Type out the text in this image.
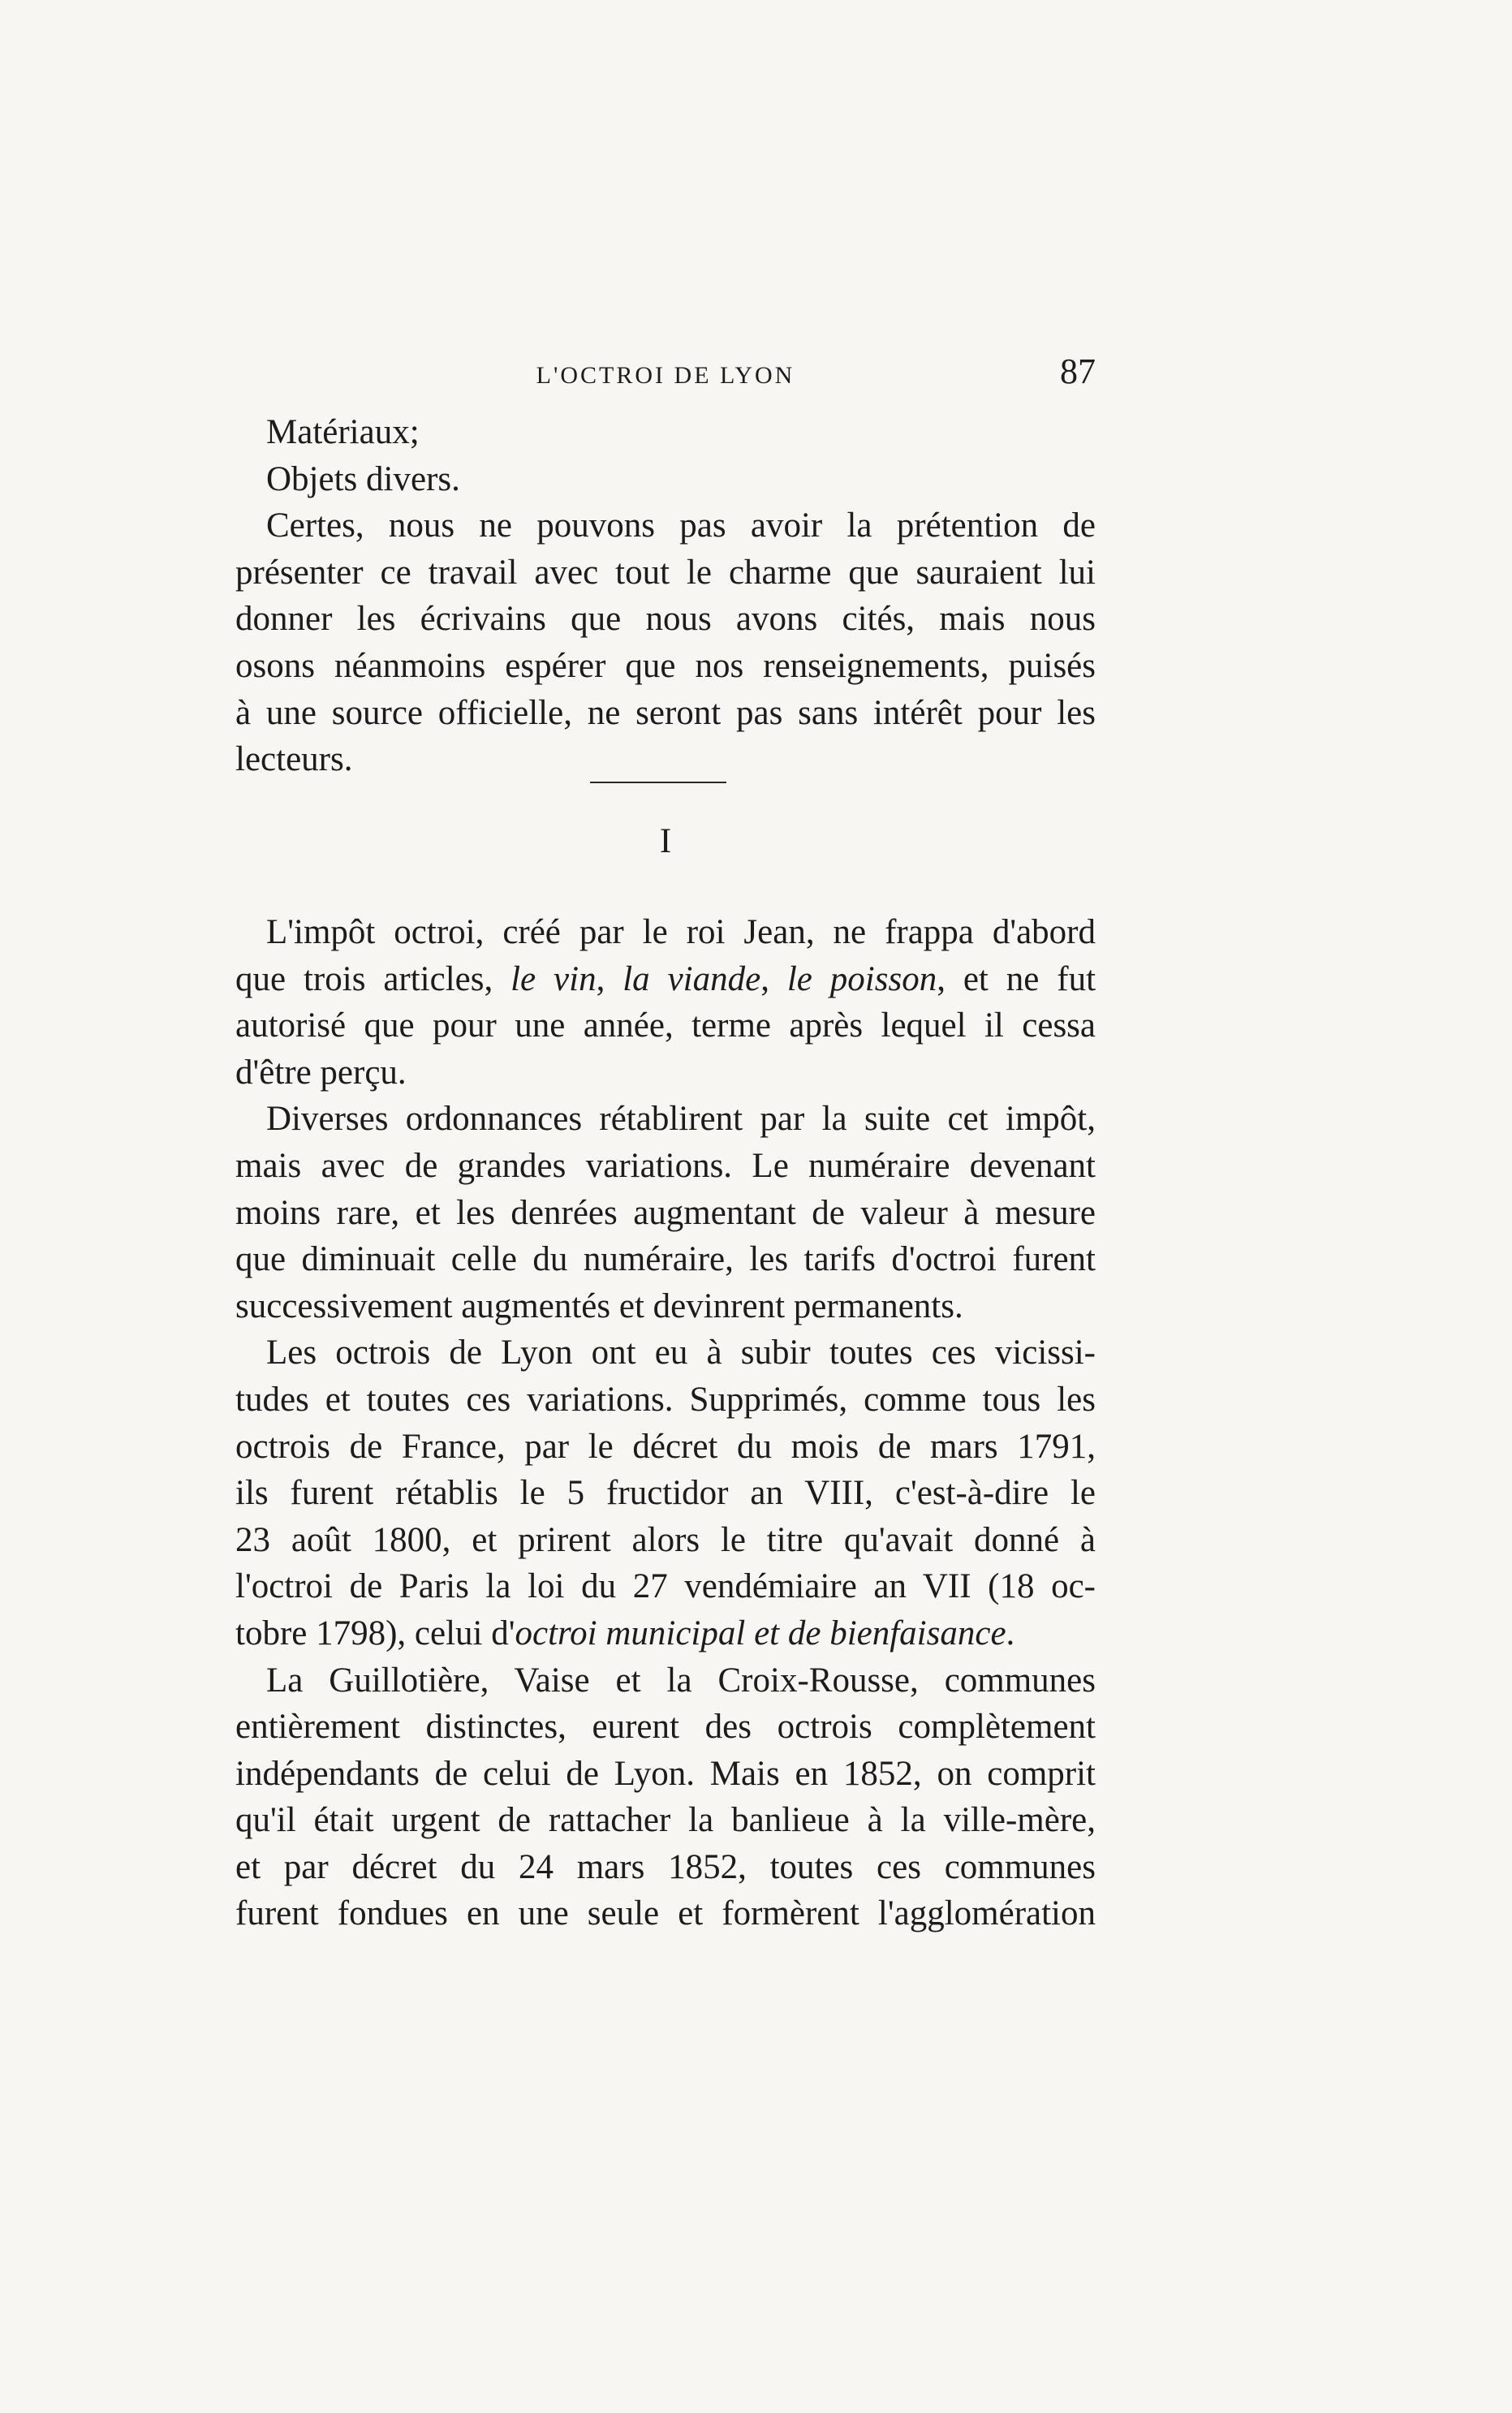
L'OCTROI DE LYON	87
Matériaux;
Objets divers.
Certes, nous ne pouvons pas avoir la prétention de
présenter ce travail avec tout le charme que sauraient lui
donner les écrivains que nous avons cités, mais nous
osons néanmoins espérer que nos renseignements, puisés
à une source officielle, ne seront pas sans intérêt pour les
lecteurs.
I
L'impôt octroi, créé par le roi Jean, ne frappa d'abord
que trois articles, le vin, la viande, le poisson, et ne fut
autorisé que pour une année, terme après lequel il cessa
d'être perçu.
Diverses ordonnances rétablirent par la suite cet impôt,
mais avec de grandes variations. Le numéraire devenant
moins rare, et les denrées augmentant de valeur à mesure
que diminuait celle du numéraire, les tarifs d'octroi furent
successivement augmentés et devinrent permanents.
Les octrois de Lyon ont eu à subir toutes ces vicissi-
tudes et toutes ces variations. Supprimés, comme tous les
octrois de France, par le décret du mois de mars 1791,
ils furent rétablis le 5 fructidor an VIII, c'est-à-dire le
23 août 1800, et prirent alors le titre qu'avait donné à
l'octroi de Paris la loi du 27 vendémiaire an VII (18 oc-
tobre 1798), celui d'octroi municipal et de bienfaisance.
La Guillotière, Vaise et la Croix-Rousse, communes
entièrement distinctes, eurent des octrois complètement
indépendants de celui de Lyon. Mais en 1852, on comprit
qu'il était urgent de rattacher la banlieue à la ville-mère,
et par décret du 24 mars 1852, toutes ces communes
furent fondues en une seule et formèrent l'agglomération
